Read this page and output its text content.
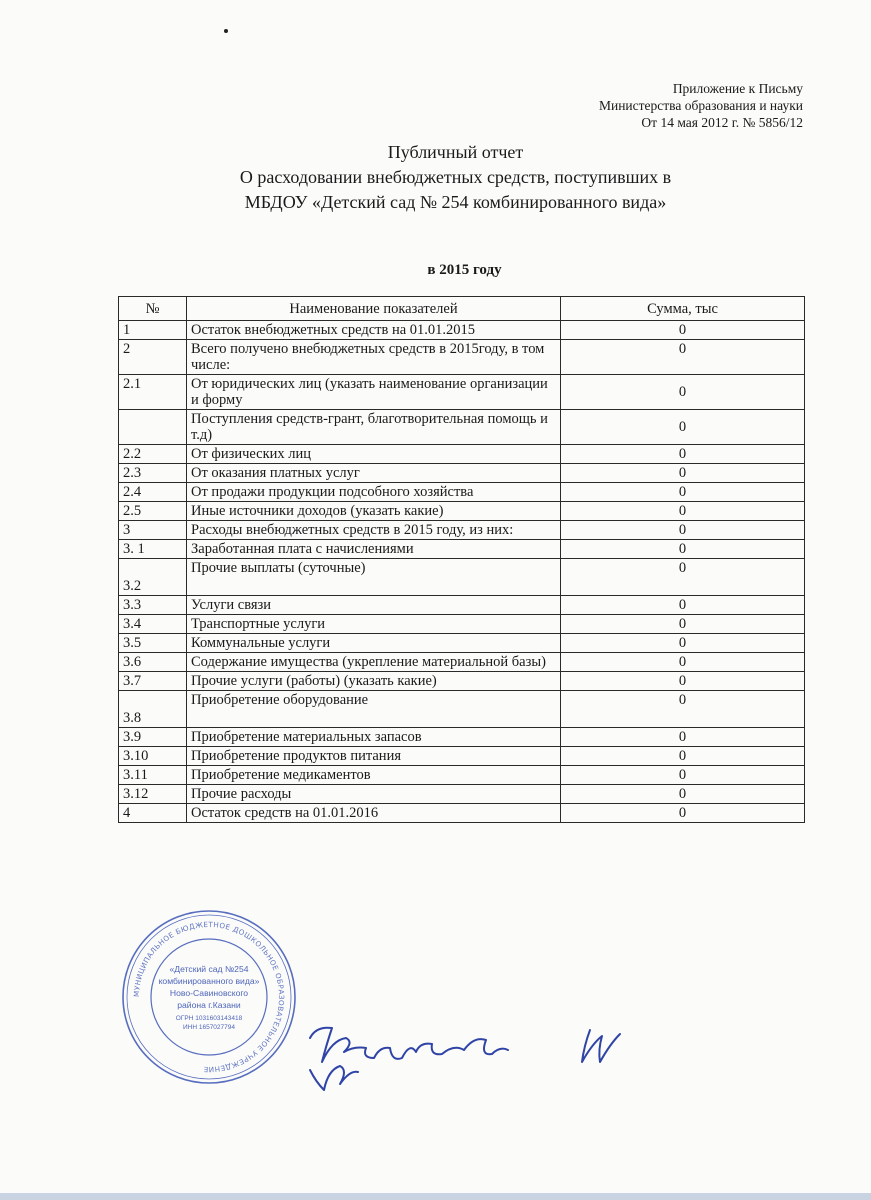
Приложение к Письму
Министерства образования и науки
От 14 мая 2012 г. № 5856/12
Публичный отчет
О расходовании внебюджетных средств, поступивших в
МБДОУ «Детский сад № 254 комбинированного вида»
в 2015 году
№	Наименование показателей	Сумма, тыс
1	Остаток внебюджетных средств на 01.01.2015	0
2	Всего получено внебюджетных средств в 2015году, в том числе:	0
2.1	От юридических лиц (указать наименование организации и форму	0
	Поступления средств-грант, благотворительная помощь и т.д)	0
2.2	От физических лиц	0
2.3	От оказания платных услуг	0
2.4	От продажи продукции подсобного хозяйства	0
2.5	Иные источники доходов (указать какие)	0
3	Расходы внебюджетных средств в 2015 году, из них:	0
3. 1	Заработанная плата с начислениями	0
3.2	Прочие выплаты (суточные)	0
3.3	Услуги связи	0
3.4	Транспортные услуги	0
3.5	Коммунальные услуги	0
3.6	Содержание имущества (укрепление материальной базы)	0
3.7	Прочие услуги (работы) (указать какие)	0
3.8	Приобретение оборудование	0
3.9	Приобретение материальных запасов	0
3.10	Приобретение продуктов питания	0
3.11	Приобретение медикаментов	0
3.12	Прочие расходы	0
4	Остаток средств на 01.01.2016	0
МУНИЦИПАЛЬНОЕ БЮДЖЕТНОЕ ДОШКОЛЬНОЕ ОБРАЗОВАТЕЛЬНОЕ УЧРЕЖДЕНИЕ
«Детский сад №254
комбинированного вида»
Ново-Савиновского
района г.Казани
ОГРН 1031603143418
ИНН 1657027794
